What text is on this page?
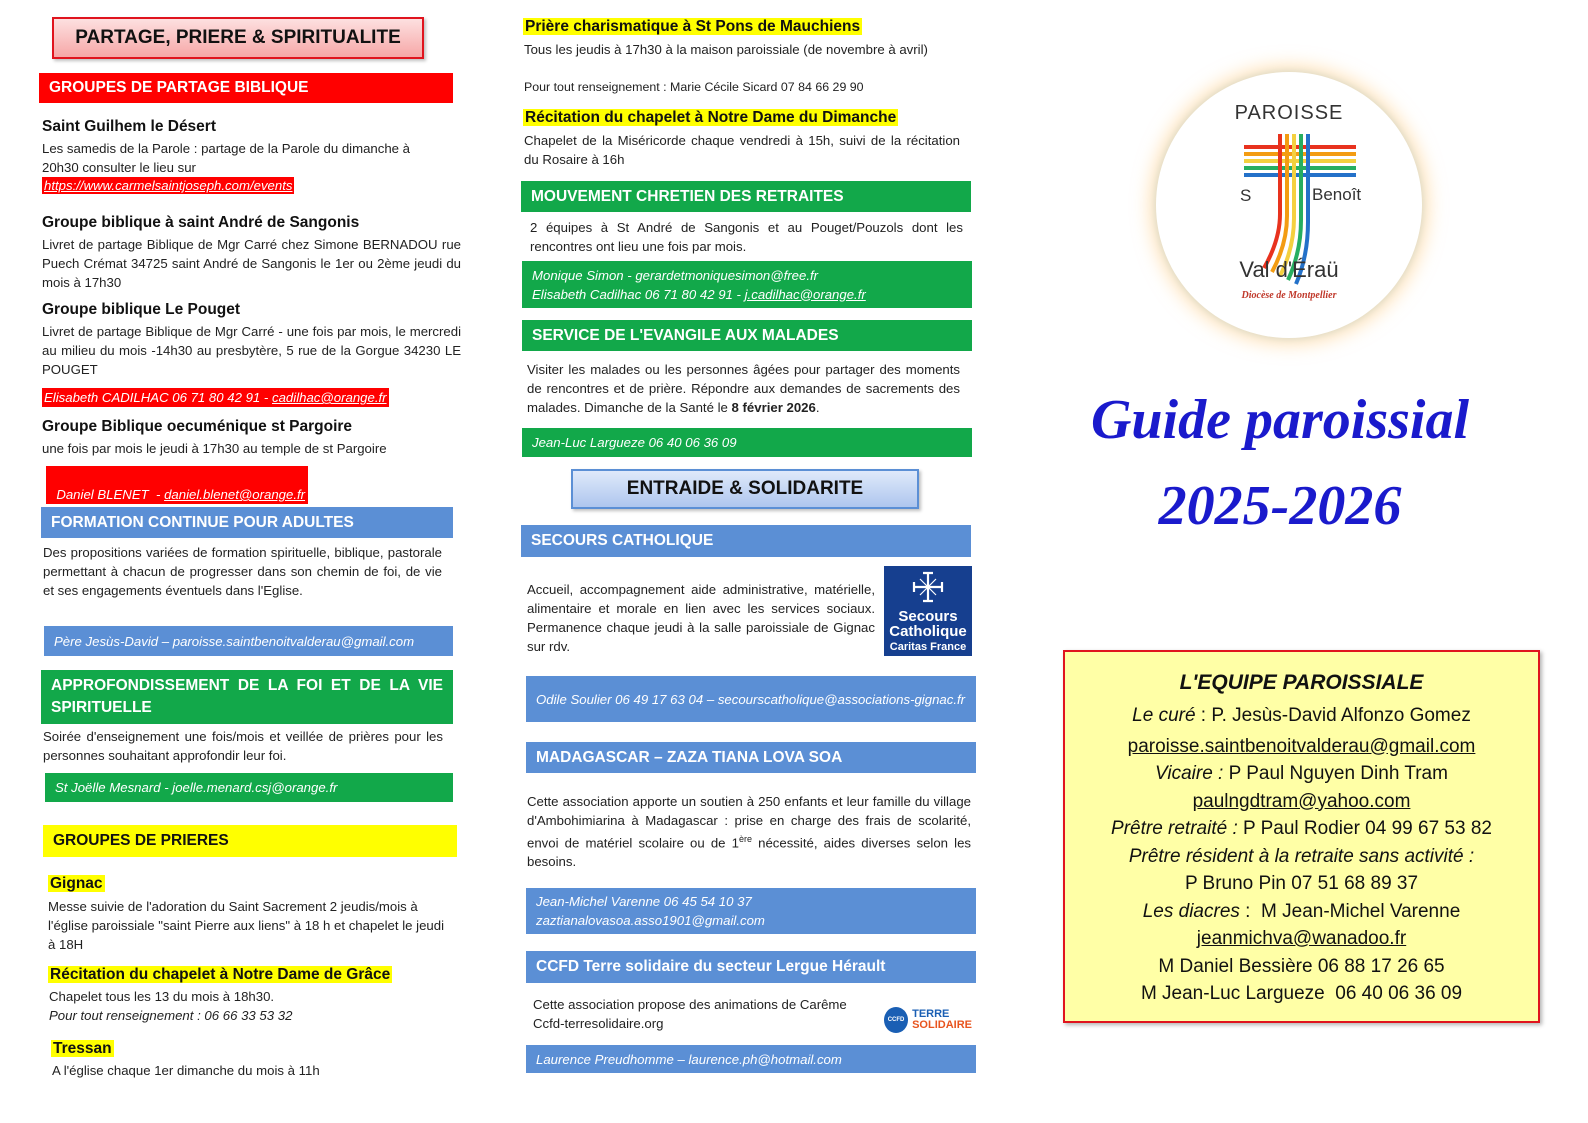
PARTAGE, PRIERE & SPIRITUALITE
GROUPES DE PARTAGE BIBLIQUE
Saint Guilhem le Désert
Les samedis de la Parole : partage de la Parole du dimanche à 20h30 consulter le lieu sur
https://www.carmelsaintjoseph.com/events
Groupe biblique à saint André de Sangonis
Livret de partage Biblique de Mgr Carré chez Simone BERNADOU rue Puech Crémat 34725 saint André de Sangonis le 1er ou 2ème jeudi du mois à 17h30
Groupe biblique Le Pouget
Livret de partage Biblique de Mgr Carré - une fois par mois, le mercredi au milieu du mois -14h30 au presbytère, 5 rue de la Gorgue 34230 LE POUGET
Elisabeth CADILHAC 06 71 80 42 91 - cadilhac@orange.fr
Groupe Biblique oecuménique st Pargoire
une fois par mois le jeudi à 17h30 au temple de st Pargoire

Daniel BLENET  - daniel.blenet@orange.fr

FORMATION CONTINUE POUR ADULTES
Des propositions variées de formation spirituelle, biblique, pastorale permettant à chacun de progresser dans son chemin de foi, de vie et ses engagements éventuels dans l'Eglise.
Père Jesùs-David – paroisse.saintbenoitvalderau@gmail.com
APPROFONDISSEMENT DE LA FOI ET DE LA VIE SPIRITUELLE
Soirée d'enseignement une fois/mois et veillée de prières pour les personnes souhaitant approfondir leur foi.
St Joëlle Mesnard - joelle.menard.csj@orange.fr
GROUPES DE PRIERES
Gignac
Messe suivie de l'adoration du Saint Sacrement 2 jeudis/mois à l'église paroissiale "saint Pierre aux liens" à 18 h et chapelet le jeudi à 18H
Récitation du chapelet à Notre Dame de Grâce
Chapelet tous les 13 du mois à 18h30.
Pour tout renseignement : 06 66 33 53 32
Tressan
A l'église chaque 1er dimanche du mois à 11h
Prière charismatique à St Pons de Mauchiens
Tous les jeudis à 17h30 à la maison paroissiale (de novembre à avril)
Pour tout renseignement : Marie Cécile Sicard 07 84 66 29 90
Récitation du chapelet à Notre Dame du Dimanche
Chapelet de la Miséricorde chaque vendredi à 15h, suivi de la récitation du Rosaire à 16h
MOUVEMENT CHRETIEN DES RETRAITES
2 équipes à St André de Sangonis et au Pouget/Pouzols dont les rencontres ont lieu une fois par mois.
Monique Simon - gerardetmoniquesimon@free.fr
Elisabeth Cadilhac 06 71 80 42 91 - j.cadilhac@orange.fr
SERVICE DE L'EVANGILE AUX MALADES
Visiter les malades ou les personnes âgées pour partager des moments de rencontres et de prière. Répondre aux demandes de sacrements des malades. Dimanche de la Santé le 8 février 2026.
Jean-Luc Largueze 06 40 06 36 09
ENTRAIDE & SOLIDARITE
SECOURS CATHOLIQUE
Accueil, accompagnement aide administrative, matérielle, alimentaire et morale en lien avec les services sociaux. Permanence chaque jeudi à la salle paroissiale de Gignac sur rdv.
Secours
Catholique
Caritas France
Odile Soulier 06 49 17 63 04 – secourscatholique@associations-gignac.fr
MADAGASCAR – ZAZA TIANA LOVA SOA
Cette association apporte un soutien à 250 enfants et leur famille du village d'Ambohimiarina à Madagascar : prise en charge des frais de scolarité, envoi de matériel scolaire ou de 1ère nécessité, aides diverses selon les besoins.
Jean-Michel Varenne 06 45 54 10 37
zaztianalovasoa.asso1901@gmail.com
CCFD Terre solidaire du secteur Lergue Hérault
Cette association propose des animations de Carême
Ccfd-terresolidaire.org	CCFD TERRE
SOLIDAIRE
Laurence Preudhomme – laurence.ph@hotmail.com
PAROISSE
S	Benoît
Val d'Éraü
Diocèse de Montpellier
Guide paroissial
2025-2026

L'EQUIPE PAROISSIALE

Le curé : P. Jesùs-David Alfonzo Gomez

paroisse.saintbenoitvalderau@gmail.com

Vicaire : P Paul Nguyen Dinh Tram

paulngdtram@yahoo.com

Prêtre retraité : P Paul Rodier 04 99 67 53 82

Prêtre résident à la retraite sans activité :

P Bruno Pin 07 51 68 89 37

Les diacres :  M Jean-Michel Varenne

jeanmichva@wanadoo.fr

M Daniel Bessière 06 88 17 26 65

M Jean-Luc Largueze  06 40 06 36 09
